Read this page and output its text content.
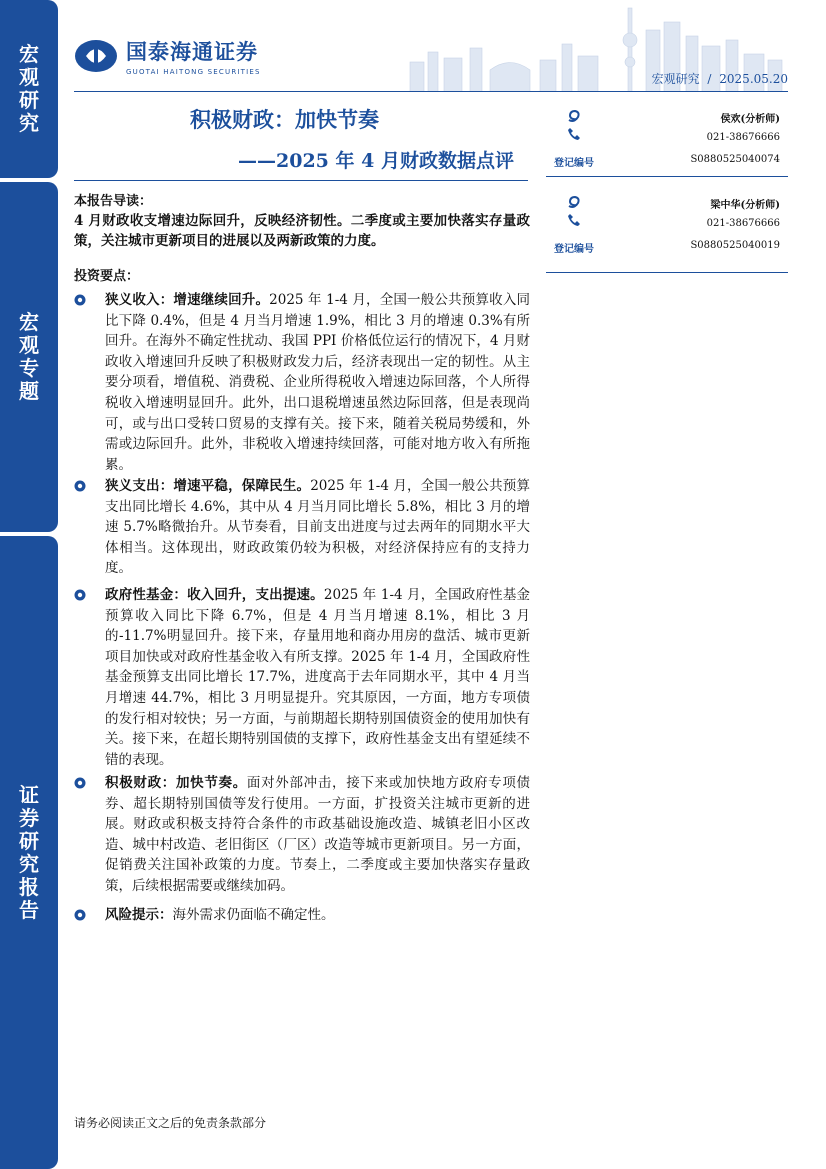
宏观研究
宏观专题
证券研究报告
国泰海通证券
GUOTAI HAITONG SECURITIES	宏观研究 / 2025.05.20
积极财政：加快节奏
——2025 年 4 月财政数据点评
侯欢(分析师)
021-38676666
登记编号	S0880525040074
梁中华(分析师)
021-38676666
登记编号	S0880525040019
本报告导读：
4 月财政收支增速边际回升，反映经济韧性。二季度或主要加快落实存量政策，关注城市更新项目的进展以及两新政策的力度。
投资要点：
狭义收入：增速继续回升。2025 年 1-4 月，全国一般公共预算收入同比下降 0.4%，但是 4 月当月增速 1.9%，相比 3 月的增速 0.3%有所回升。在海外不确定性扰动、我国 PPI 价格低位运行的情况下，4 月财政收入增速回升反映了积极财政发力后，经济表现出一定的韧性。从主要分项看，增值税、消费税、企业所得税收入增速边际回落，个人所得税收入增速明显回升。此外，出口退税增速虽然边际回落，但是表现尚可，或与出口受转口贸易的支撑有关。接下来，随着关税局势缓和，外需或边际回升。此外，非税收入增速持续回落，可能对地方收入有所拖累。
狭义支出：增速平稳，保障民生。2025 年 1-4 月，全国一般公共预算支出同比增长 4.6%，其中从 4 月当月同比增长 5.8%，相比 3 月的增速 5.7%略微抬升。从节奏看，目前支出进度与过去两年的同期水平大体相当。这体现出，财政政策仍较为积极，对经济保持应有的支持力度。
政府性基金：收入回升，支出提速。2025 年 1-4 月，全国政府性基金预算收入同比下降 6.7%，但是 4 月当月增速 8.1%，相比 3 月的-11.7%明显回升。接下来，存量用地和商办用房的盘活、城市更新项目加快或对政府性基金收入有所支撑。2025 年 1-4 月，全国政府性基金预算支出同比增长 17.7%，进度高于去年同期水平，其中 4 月当月增速 44.7%，相比 3 月明显提升。究其原因，一方面，地方专项债的发行相对较快；另一方面，与前期超长期特别国债资金的使用加快有关。接下来，在超长期特别国债的支撑下，政府性基金支出有望延续不错的表现。
积极财政：加快节奏。面对外部冲击，接下来或加快地方政府专项债券、超长期特别国债等发行使用。一方面，扩投资关注城市更新的进展。财政或积极支持符合条件的市政基础设施改造、城镇老旧小区改造、城中村改造、老旧街区（厂区）改造等城市更新项目。另一方面，促销费关注国补政策的力度。节奏上，二季度或主要加快落实存量政策，后续根据需要或继续加码。
风险提示：海外需求仍面临不确定性。
请务必阅读正文之后的免责条款部分
